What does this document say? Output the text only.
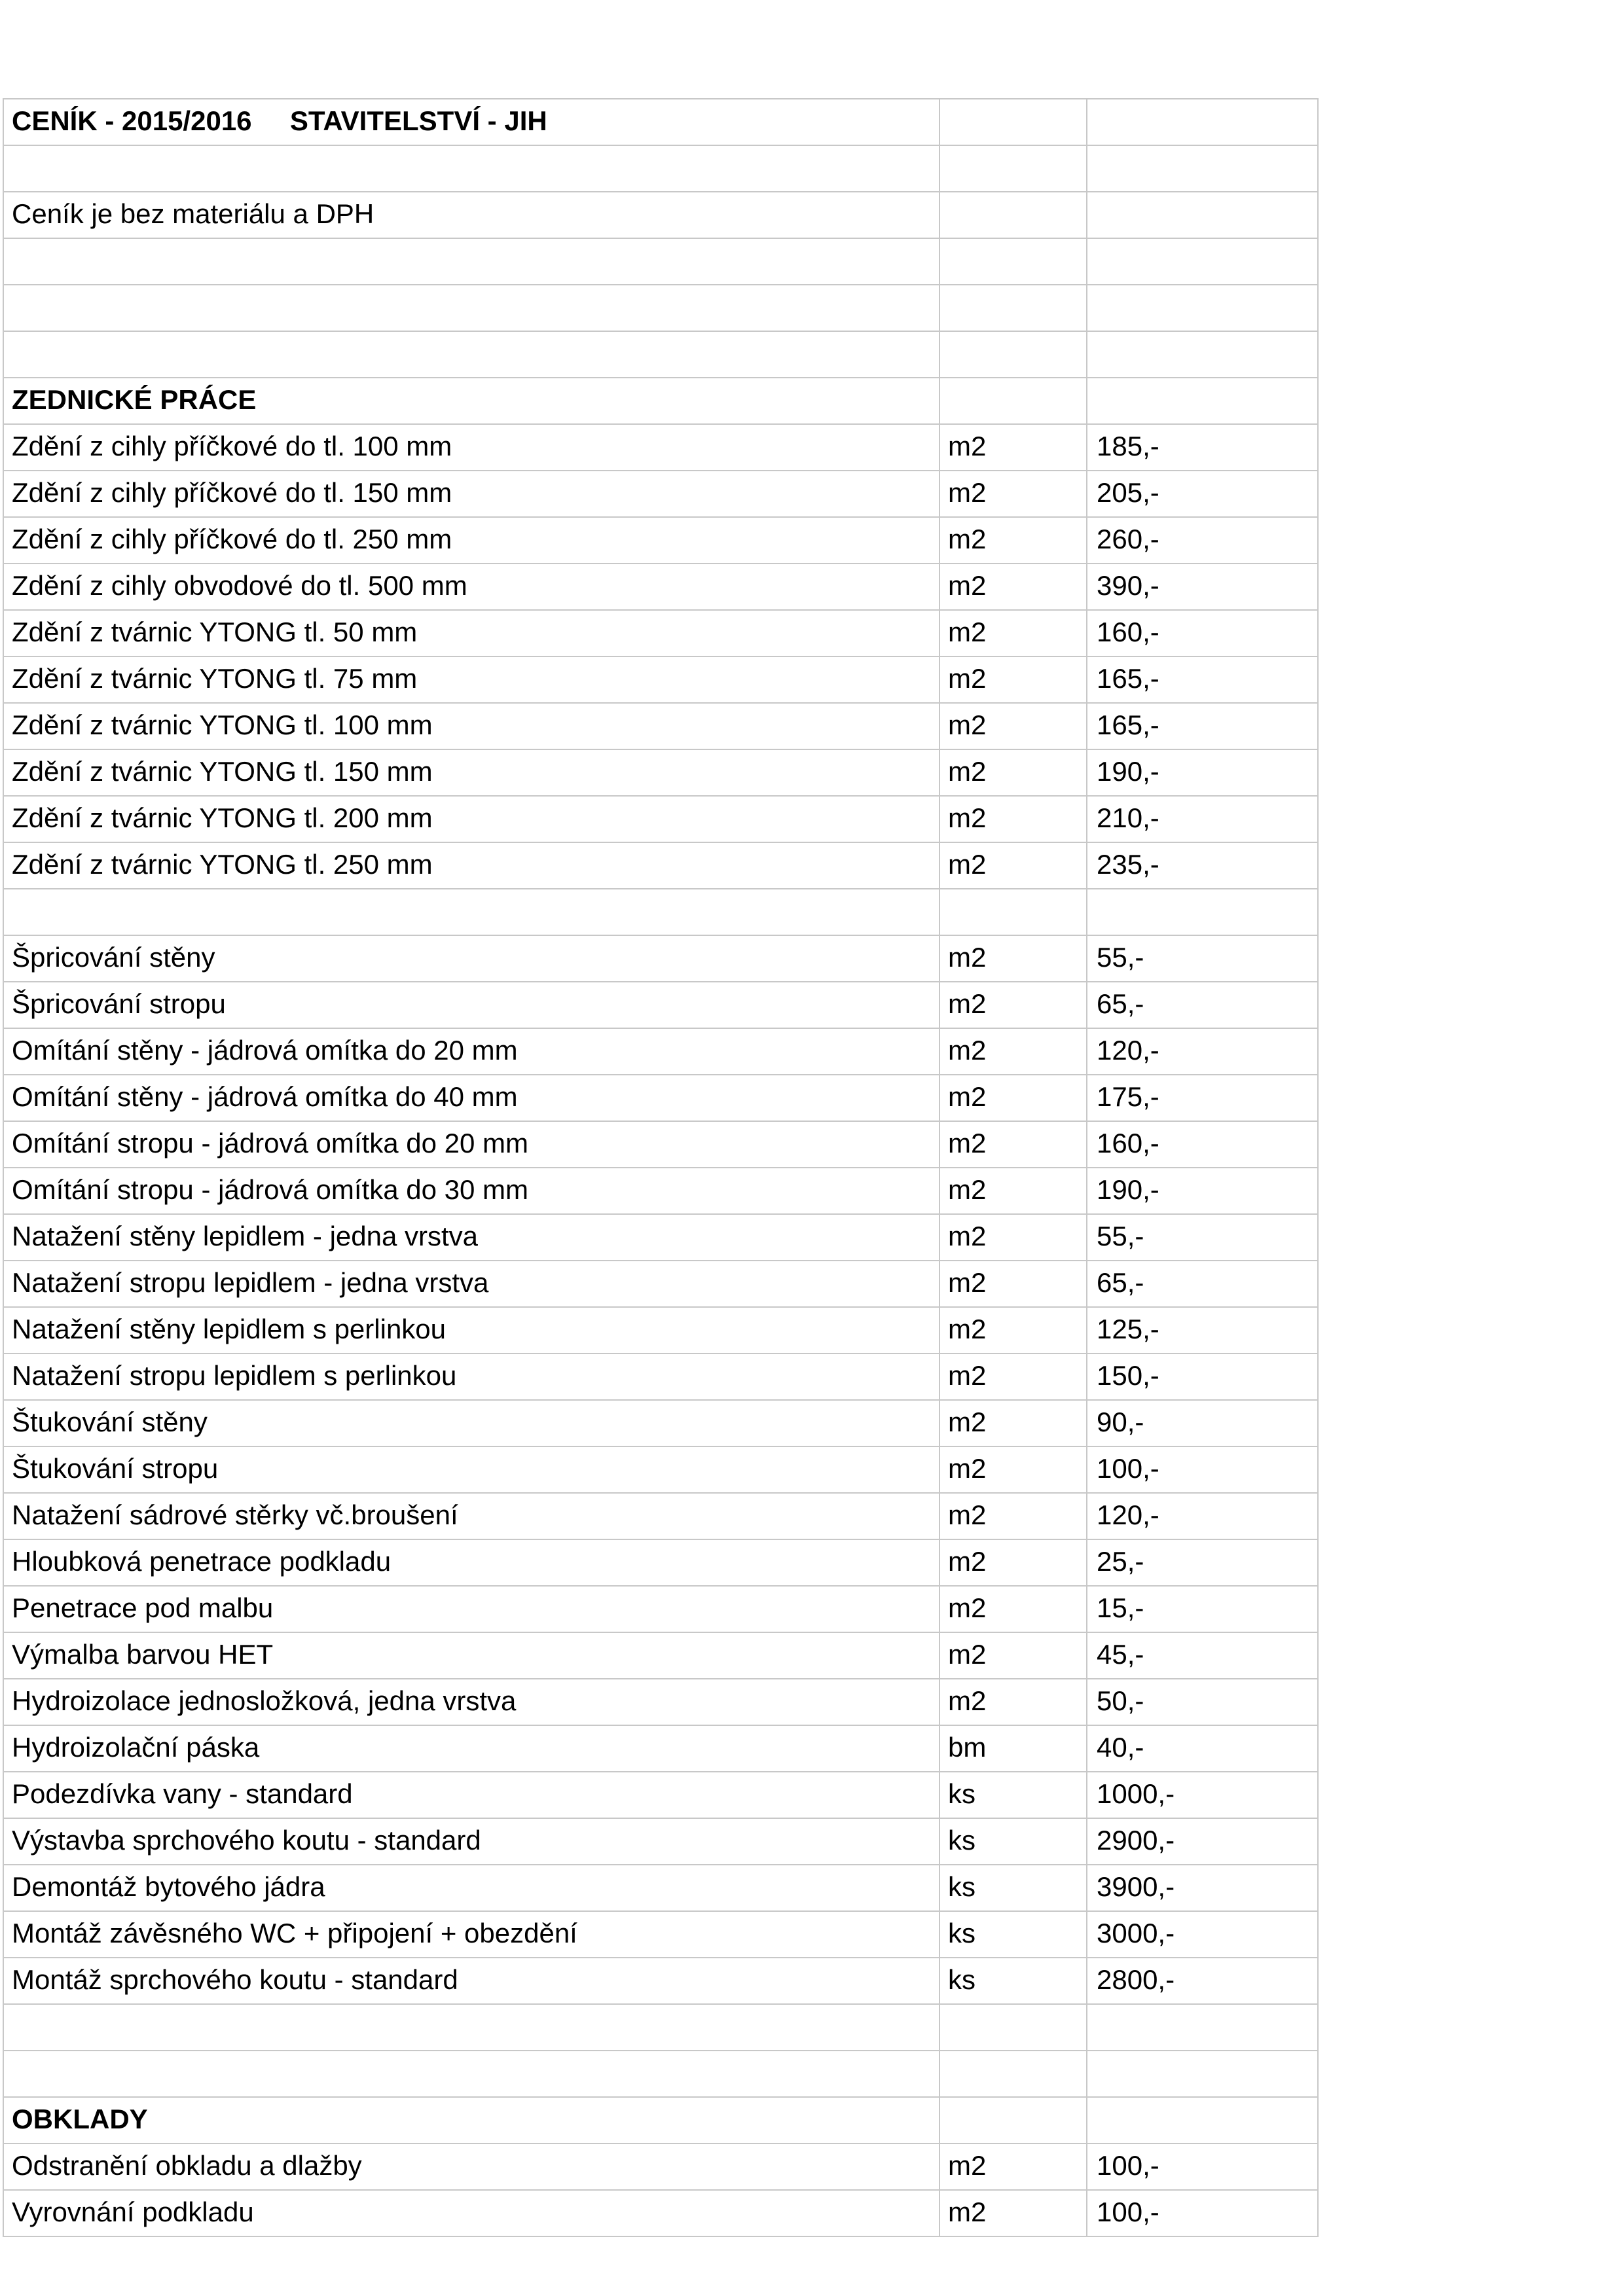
CENÍK - 2015/2016     STAVITELSTVÍ - JIH		

Ceník je bez materiálu a DPH		

ZEDNICKÉ PRÁCE		
Zdění z cihly příčkové do tl. 100 mm	m2	185,-
Zdění z cihly příčkové do tl. 150 mm	m2	205,-
Zdění z cihly příčkové do tl. 250 mm	m2	260,-
Zdění z cihly obvodové do tl. 500 mm	m2	390,-
Zdění z tvárnic YTONG tl. 50 mm	m2	160,-
Zdění z tvárnic YTONG tl. 75 mm	m2	165,-
Zdění z tvárnic YTONG tl. 100 mm	m2	165,-
Zdění z tvárnic YTONG tl. 150 mm	m2	190,-
Zdění z tvárnic YTONG tl. 200 mm	m2	210,-
Zdění z tvárnic YTONG tl. 250 mm	m2	235,-

Špricování stěny	m2	55,-
Špricování stropu	m2	65,-
Omítání stěny - jádrová omítka do 20 mm	m2	120,-
Omítání stěny - jádrová omítka do 40 mm	m2	175,-
Omítání stropu - jádrová omítka do 20 mm	m2	160,-
Omítání stropu - jádrová omítka do 30 mm	m2	190,-
Natažení stěny lepidlem - jedna vrstva	m2	55,-
Natažení stropu lepidlem - jedna vrstva	m2	65,-
Natažení stěny lepidlem s perlinkou	m2	125,-
Natažení stropu lepidlem s perlinkou	m2	150,-
Štukování stěny	m2	90,-
Štukování stropu	m2	100,-
Natažení sádrové stěrky vč.broušení	m2	120,-
Hloubková penetrace podkladu	m2	25,-
Penetrace pod malbu	m2	15,-
Výmalba barvou HET	m2	45,-
Hydroizolace jednosložková, jedna vrstva	m2	50,-
Hydroizolační páska	bm	40,-
Podezdívka vany - standard	ks	1000,-
Výstavba sprchového koutu - standard	ks	2900,-
Demontáž bytového jádra	ks	3900,-
Montáž závěsného WC + připojení + obezdění	ks	3000,-
Montáž sprchového koutu - standard	ks	2800,-

OBKLADY		
Odstranění obkladu a dlažby	m2	100,-
Vyrovnání podkladu	m2	100,-
